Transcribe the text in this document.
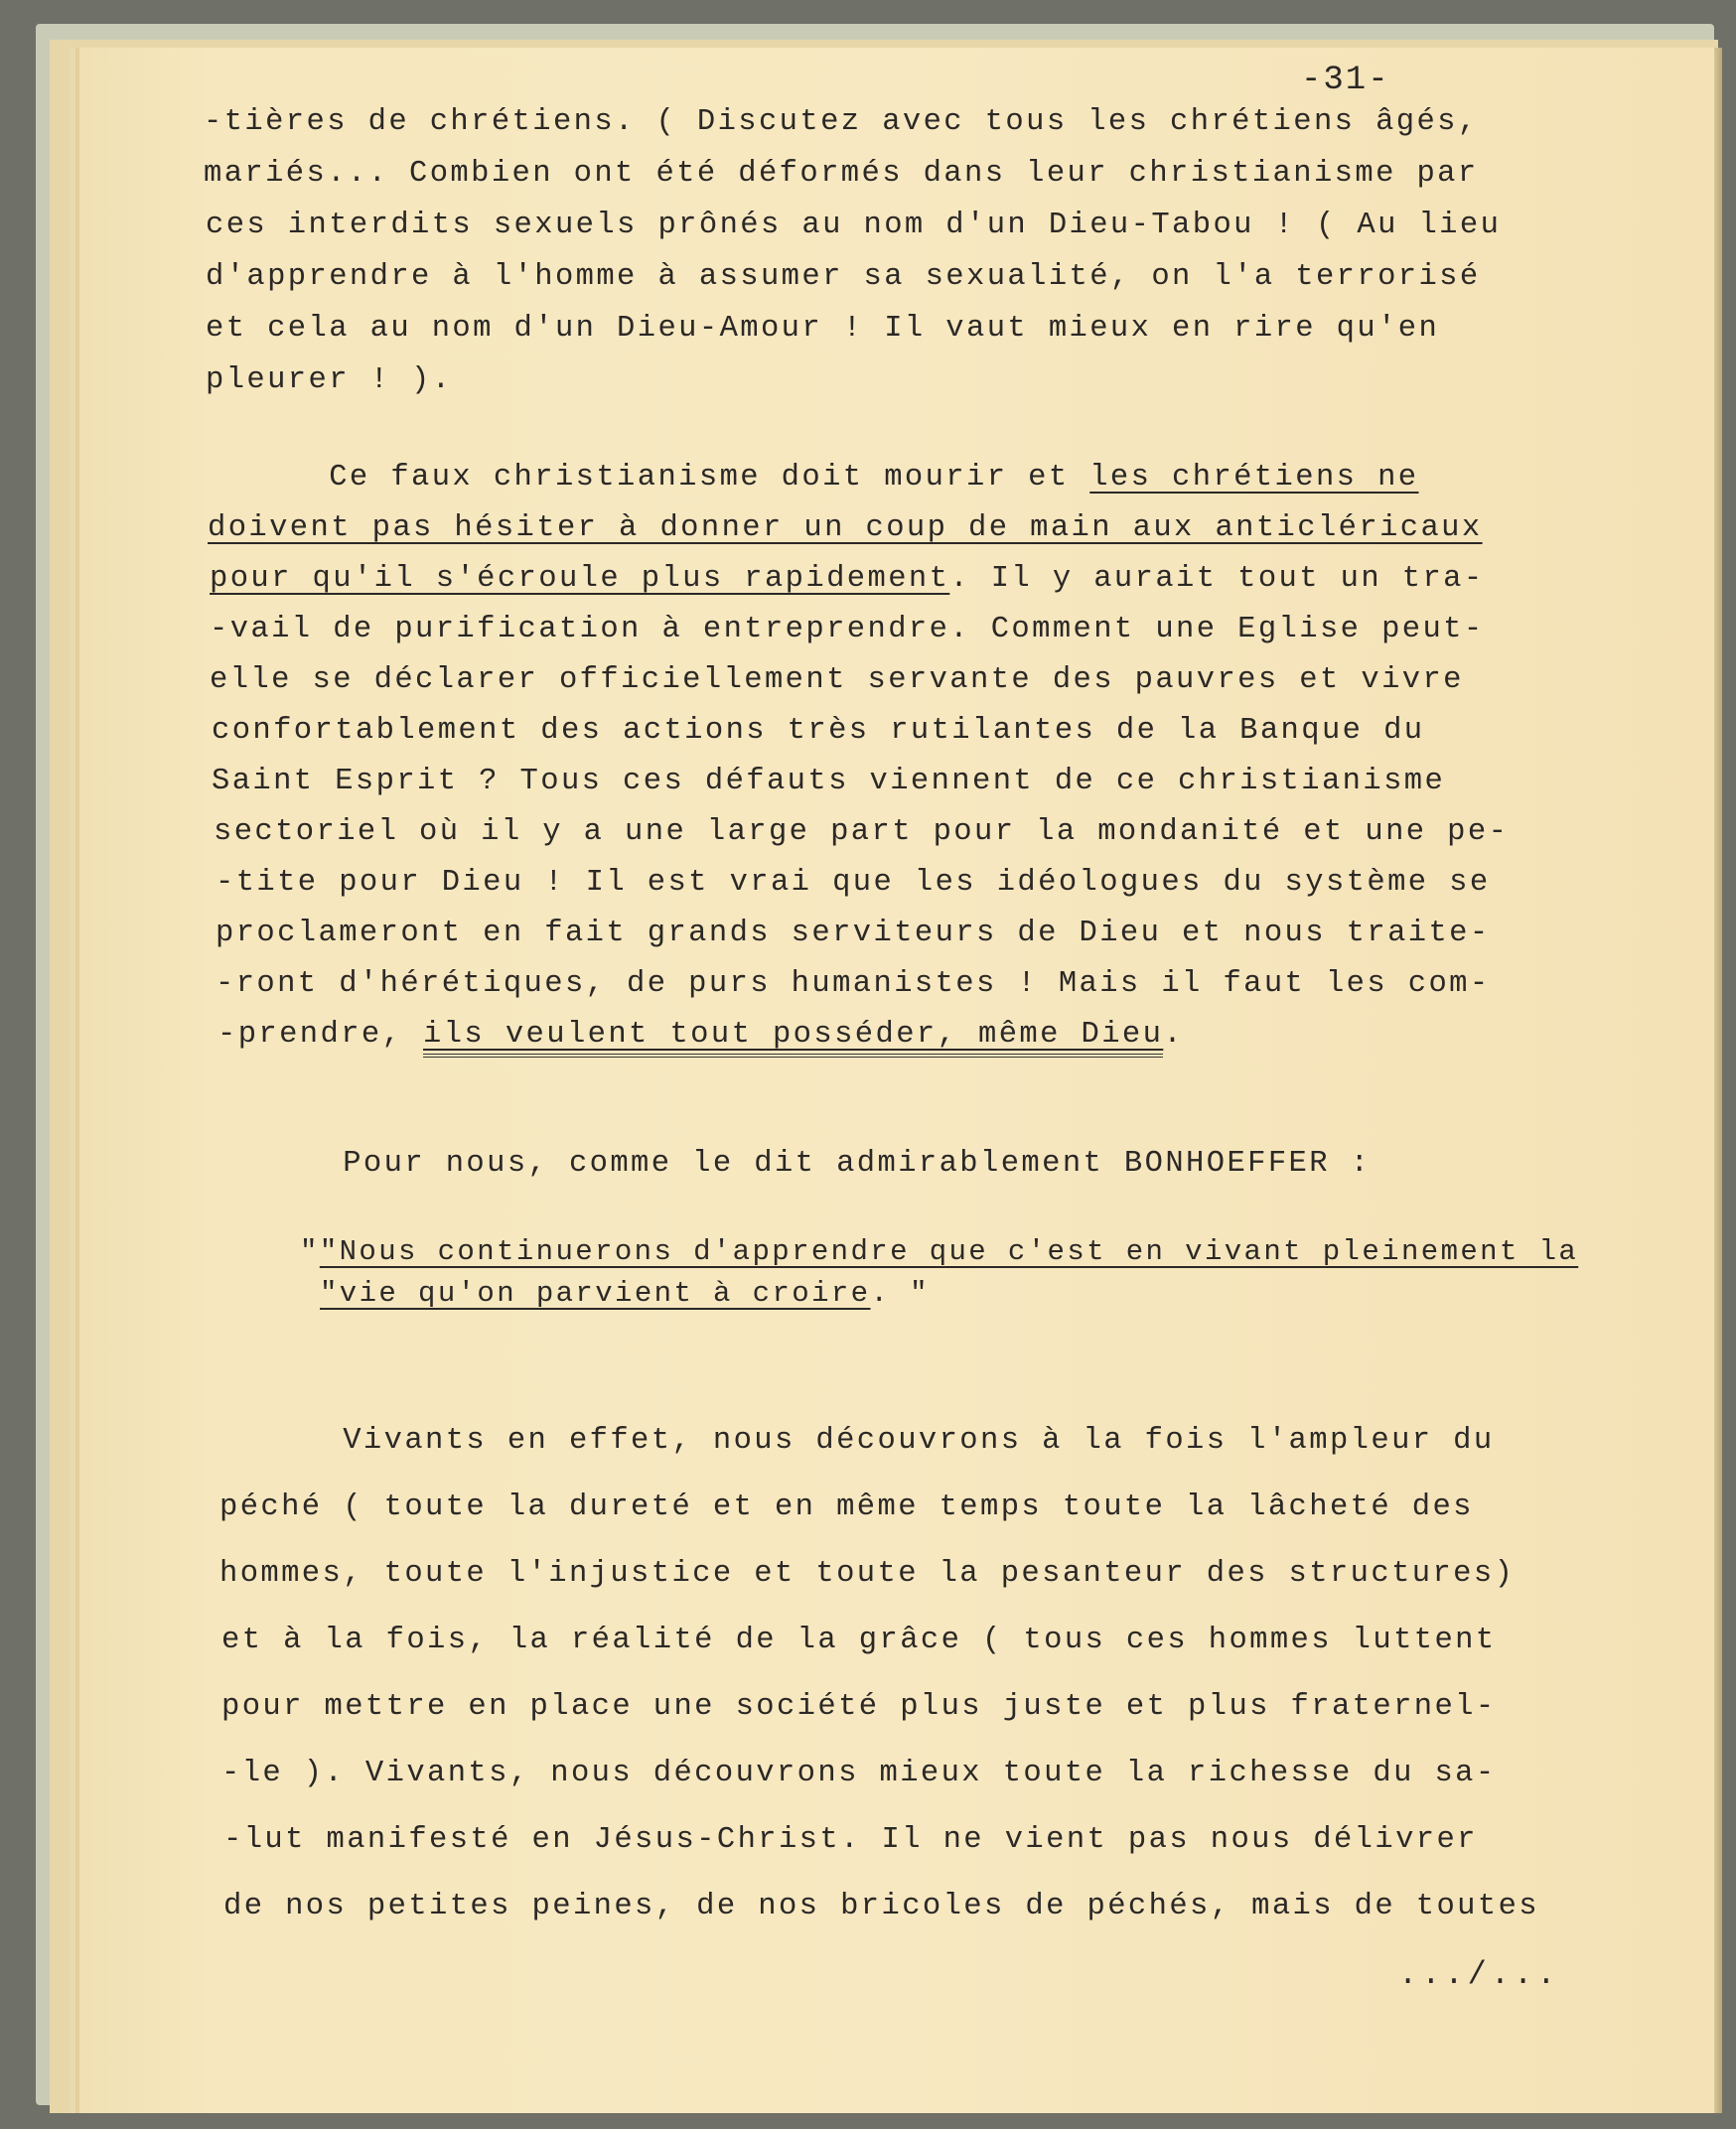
-31-
-tières de chrétiens. ( Discutez avec tous les chrétiens âgés,
mariés... Combien ont été déformés dans leur christianisme par
ces interdits sexuels prônés au nom d'un Dieu-Tabou ! ( Au lieu
d'apprendre à l'homme à assumer sa sexualité, on l'a terrorisé
et cela au nom d'un Dieu-Amour ! Il vaut mieux en rire qu'en
pleurer ! ).
Ce faux christianisme doit mourir et les chrétiens ne
doivent pas hésiter à donner un coup de main aux anticléricaux
pour qu'il s'écroule plus rapidement. Il y aurait tout un tra-
-vail de purification à entreprendre. Comment une Eglise peut-
elle se déclarer officiellement servante des pauvres et vivre
confortablement des actions très rutilantes de la Banque du
Saint Esprit ? Tous ces défauts viennent de ce christianisme
sectoriel où il y a une large part pour la mondanité et une pe-
-tite pour Dieu ! Il est vrai que les idéologues du système se
proclameront en fait grands serviteurs de Dieu et nous traite-
-ront d'hérétiques, de purs humanistes ! Mais il faut les com-
-prendre, ils veulent tout posséder, même Dieu.
Pour nous, comme le dit admirablement BONHOEFFER :
""Nous continuerons d'apprendre que c'est en vivant pleinement la
"vie qu'on parvient à croire. "
Vivants en effet, nous découvrons à la fois l'ampleur du
péché ( toute la dureté et en même temps toute la lâcheté des
hommes, toute l'injustice et toute la pesanteur des structures)
et à la fois, la réalité de la grâce ( tous ces hommes luttent
pour mettre en place une société plus juste et plus fraternel-
-le ). Vivants, nous découvrons mieux toute la richesse du sa-
-lut manifesté en Jésus-Christ. Il ne vient pas nous délivrer
de nos petites peines, de nos bricoles de péchés, mais de toutes
.../...
